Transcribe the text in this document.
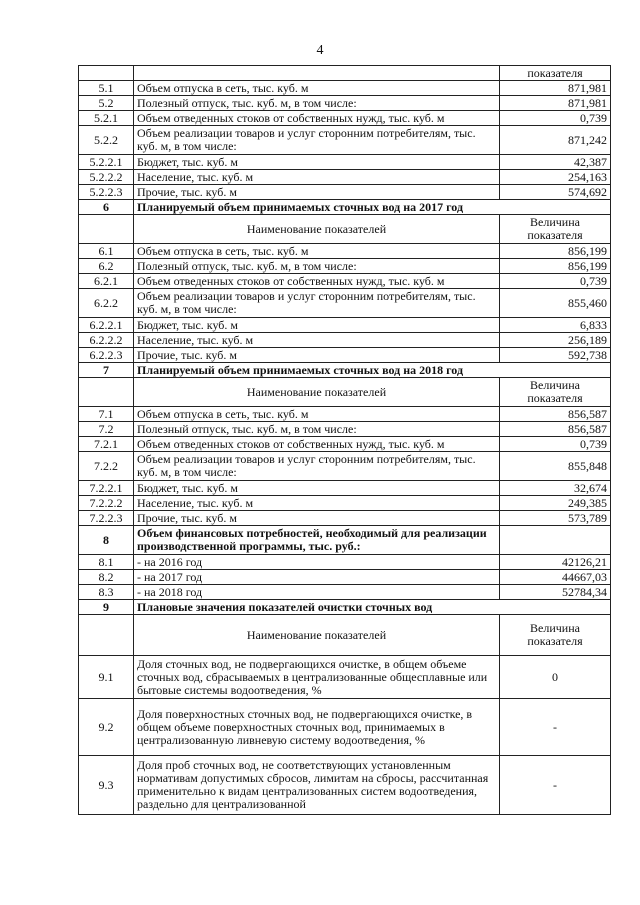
4
		показателя
5.1	Объем отпуска в сеть, тыс. куб. м	871,981
5.2	Полезный отпуск, тыс. куб. м, в том числе:	871,981
5.2.1	Объем отведенных стоков от собственных нужд, тыс. куб. м	0,739
5.2.2	Объем реализации товаров и услуг сторонним потребителям, тыс. куб. м, в том числе:	871,242
5.2.2.1	Бюджет, тыс. куб. м	42,387
5.2.2.2	Население, тыс. куб. м	254,163
5.2.2.3	Прочие, тыс. куб. м	574,692
6	Планируемый объем принимаемых сточных вод на 2017 год	
	Наименование показателей	Величина показателя
6.1	Объем отпуска в сеть, тыс. куб. м	856,199
6.2	Полезный отпуск, тыс. куб. м, в том числе:	856,199
6.2.1	Объем отведенных стоков от собственных нужд, тыс. куб. м	0,739
6.2.2	Объем реализации товаров и услуг сторонним потребителям, тыс. куб. м, в том числе:	855,460
6.2.2.1	Бюджет, тыс. куб. м	6,833
6.2.2.2	Население, тыс. куб. м	256,189
6.2.2.3	Прочие, тыс. куб. м	592,738
7	Планируемый объем принимаемых сточных вод на 2018 год	
	Наименование показателей	Величина показателя
7.1	Объем отпуска в сеть, тыс. куб. м	856,587
7.2	Полезный отпуск, тыс. куб. м, в том числе:	856,587
7.2.1	Объем отведенных стоков от собственных нужд, тыс. куб. м	0,739
7.2.2	Объем реализации товаров и услуг сторонним потребителям, тыс. куб. м, в том числе:	855,848
7.2.2.1	Бюджет, тыс. куб. м	32,674
7.2.2.2	Население, тыс. куб. м	249,385
7.2.2.3	Прочие, тыс. куб. м	573,789
8	Объем финансовых потребностей, необходимый для реализации производственной программы, тыс. руб.:	
8.1	- на 2016 год	42126,21
8.2	- на 2017 год	44667,03
8.3	- на 2018 год	52784,34
9	Плановые значения показателей очистки сточных вод	
	Наименование показателей	Величина показателя
9.1	Доля сточных вод, не подвергающихся очистке, в общем объеме сточных вод, сбрасываемых в централизованные общесплавные или бытовые системы водоотведения, %	0
9.2	Доля поверхностных сточных вод, не подвергающихся очистке, в общем объеме поверхностных сточных вод, принимаемых в централизованную ливневую систему водоотведения, %	-
9.3	Доля проб сточных вод, не соответствующих установленным нормативам допустимых сбросов, лимитам на сбросы, рассчитанная применительно к видам централизованных систем водоотведения, раздельно для централизованной	-
